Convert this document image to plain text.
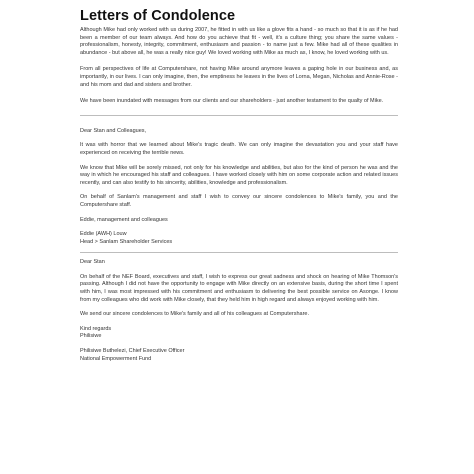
Letters of Condolence

Although Mike had only worked with us during 2007, he fitted in with us like a glove fits a hand - so much so that it is as if he had been a member of our team always. And how do you achieve that fit - well, it's a culture thing; you share the same values - professionalism, honesty, integrity, commitment, enthusiasm and passion - to name just a few. Mike had all of these qualities in abundance - but above all, he was a really nice guy! We loved working with Mike as much as, I know, he loved working with us.

From all perspectives of life at Computershare, not having Mike around anymore leaves a gaping hole in our business and, as importantly, in our lives. I can only imagine, then, the emptiness he leaves in the lives of Lorna, Megan, Nicholas and Annie-Rose - and his mom and dad and sisters and brother.

We have been inundated with messages from our clients and our shareholders - just another testament to the qualty of Mike.

Dear Stan and Colleagues,

It was with horror that we learned about Mike's tragic death. We can only imagine the devastation you and your staff have experienced on receiving the terrible news.

We know that Mike will be sorely missed, not only for his knowledge and abilities, but also for the kind of person he was and the way in which he encouraged his staff and colleagues. I have worked closely with him on some corporate action and related issues recently, and can also testify to his sincerity, abilities, knowledge and professionalism.

On behalf of Sanlam's management and staff I wish to convey our sincere condolences to Mike's family, you and the Computershare staff.

Eddie, management and colleagues

Eddie (AWH) Louw
Head > Sanlam Shareholder Services

Dear Stan

On behalf of the NEF Board, executives and staff, I wish to express our great sadness and shock on hearing of Mike Thomson's passing. Although I did not have the opportunity to engage with Mike directly on an extensive basis, during the short time I spent with him, I was most impressed with his commitment and enthusiasm to delivering the best possible service on Asonge. I know from my colleagues who did work with Mike closely, that they held him in high regard and always enjoyed working with him.

We send our sincere condolences to Mike's family and all of his colleagues at Computershare.

Kind regards
Philisiwe

Philisiwe Buthelezi, Chief Executive Officer
National Empowerment Fund
